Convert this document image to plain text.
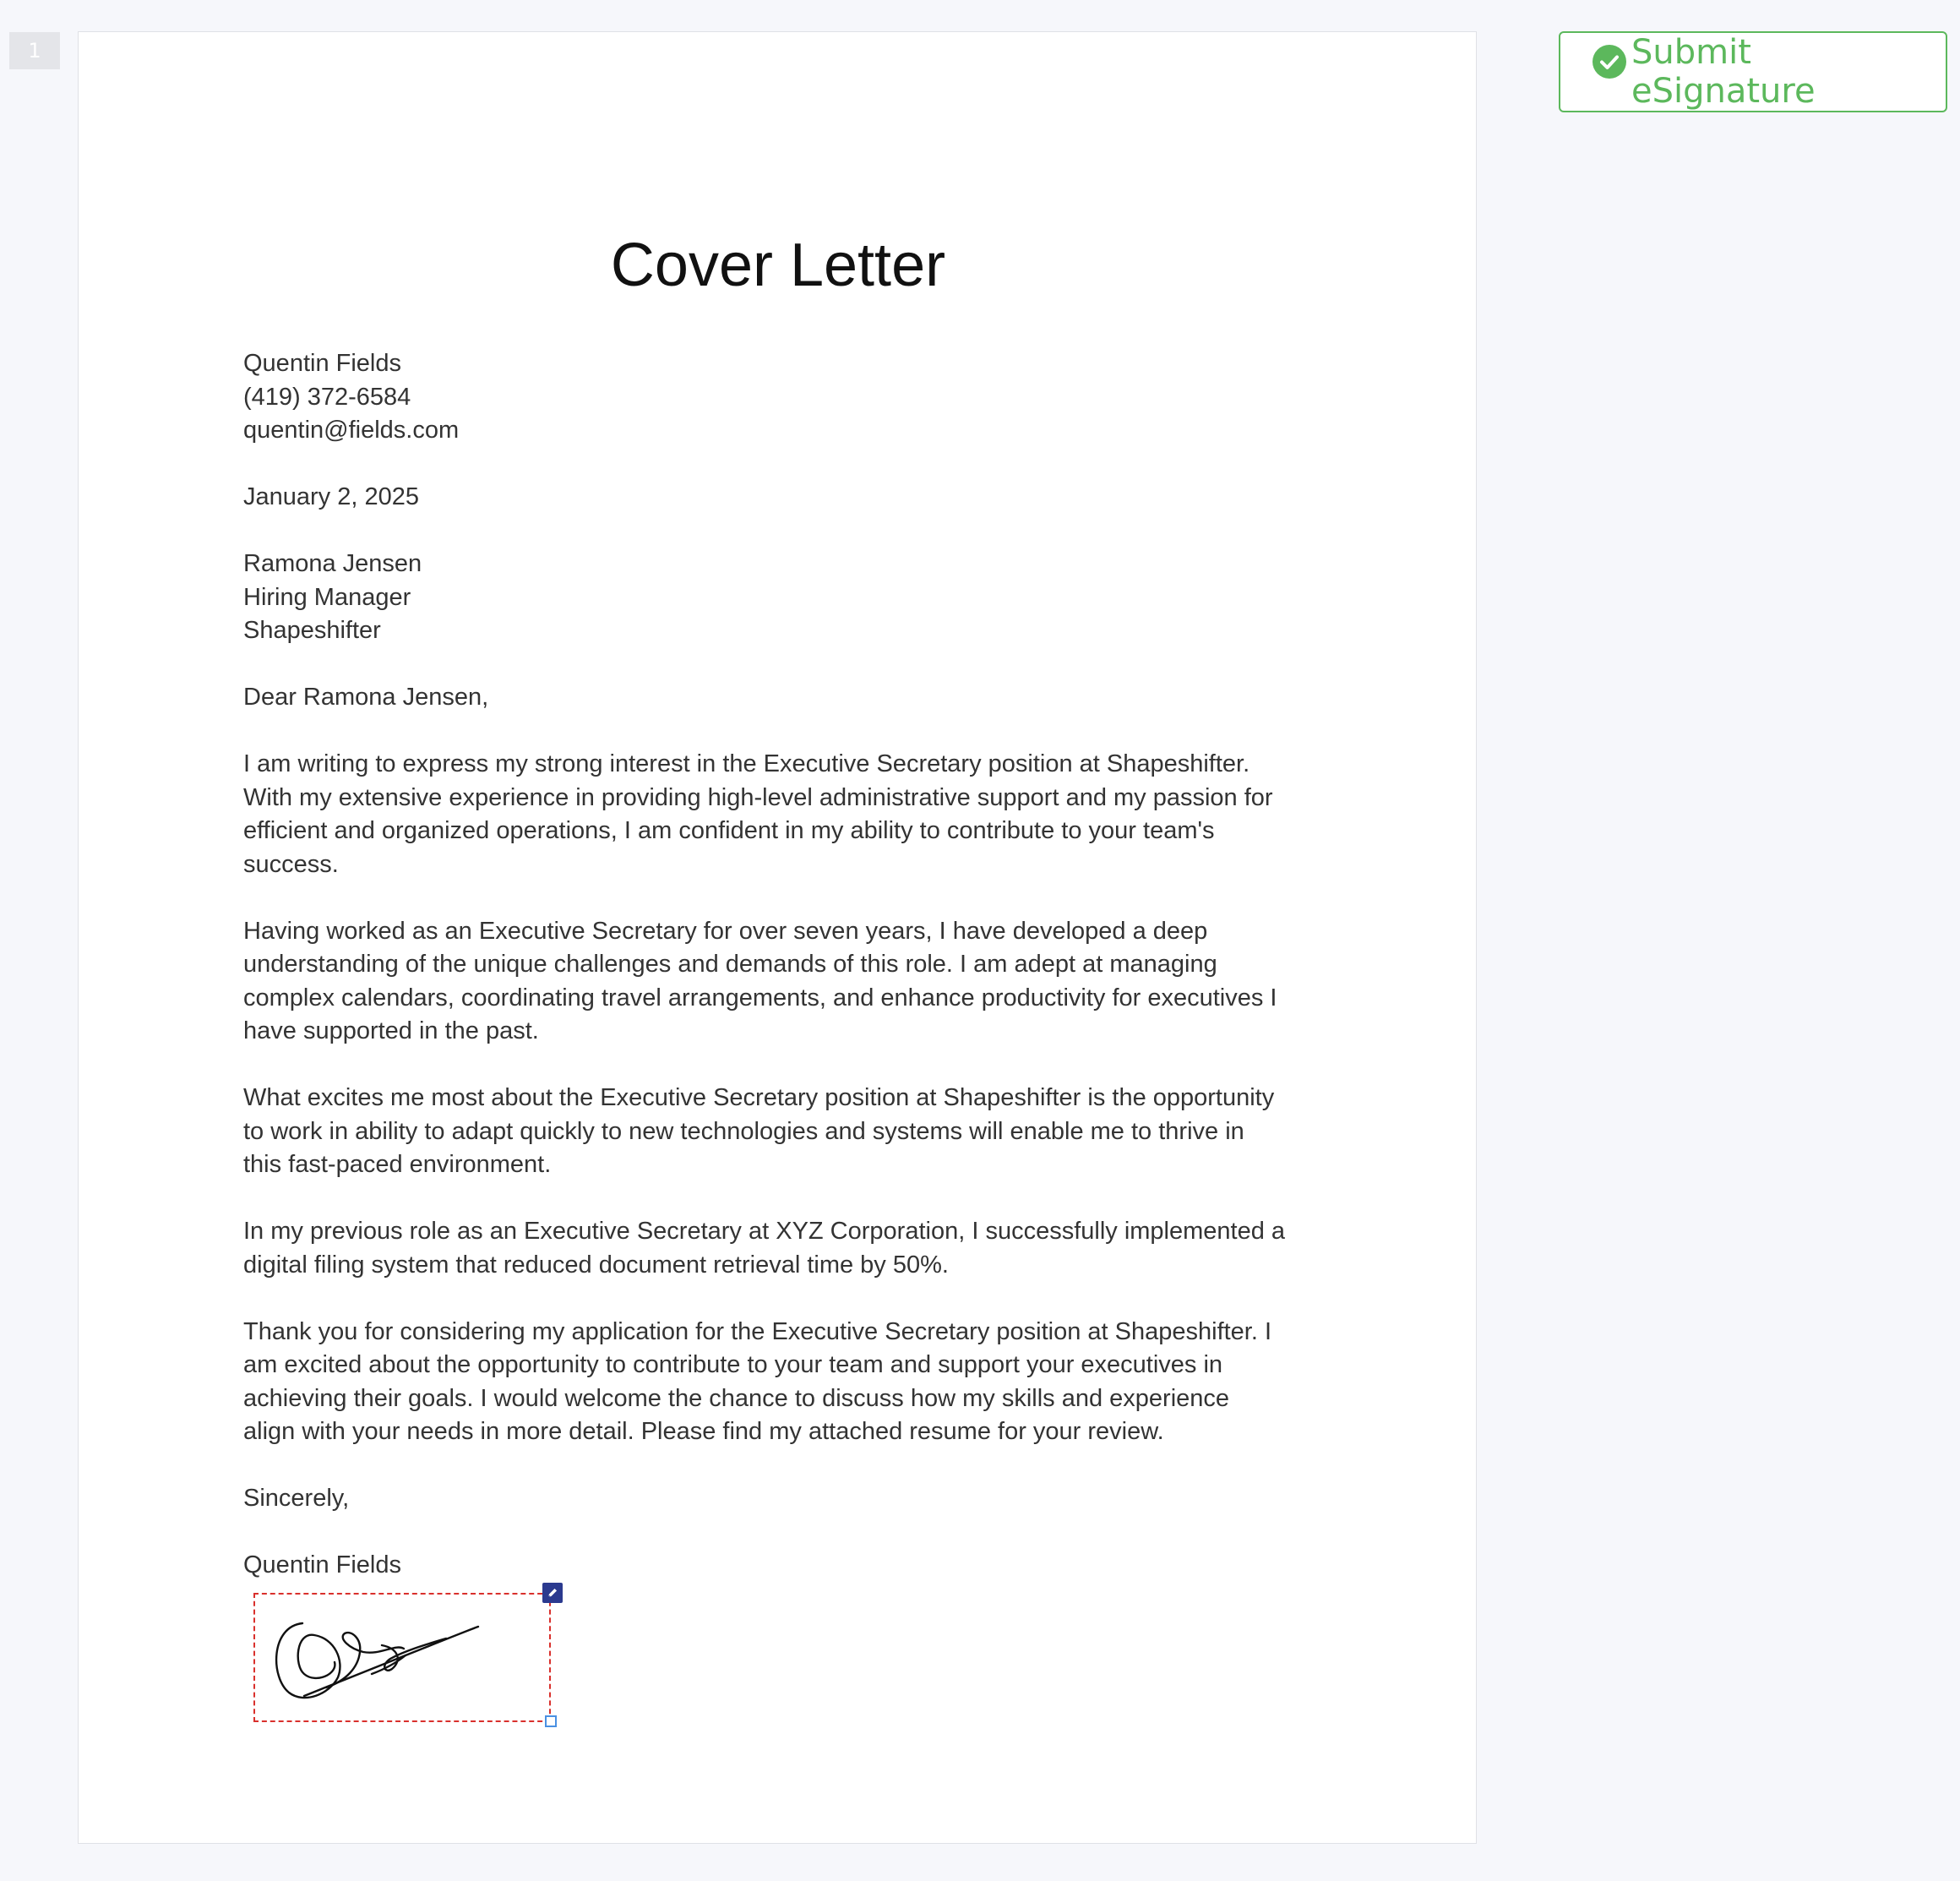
1
Cover Letter
Quentin Fields
(419) 372-6584
quentin@fields.com
January 2, 2025
Ramona Jensen
Hiring Manager
Shapeshifter
Dear Ramona Jensen,

I am writing to express my strong interest in the Executive Secretary position at Shapeshifter.
With my extensive experience in providing high-level administrative support and my passion for
efficient and organized operations, I am confident in my ability to contribute to your team's
success.

Having worked as an Executive Secretary for over seven years, I have developed a deep
understanding of the unique challenges and demands of this role. I am adept at managing
complex calendars, coordinating travel arrangements, and enhance productivity for executives I
have supported in the past.

What excites me most about the Executive Secretary position at Shapeshifter is the opportunity
to work in ability to adapt quickly to new technologies and systems will enable me to thrive in
this fast-paced environment.

In my previous role as an Executive Secretary at XYZ Corporation, I successfully implemented a
digital filing system that reduced document retrieval time by 50%.

Thank you for considering my application for the Executive Secretary position at Shapeshifter. I
am excited about the opportunity to contribute to your team and support your executives in
achieving their goals. I would welcome the chance to discuss how my skills and experience
align with your needs in more detail. Please find my attached resume for your review.

Sincerely,
Quentin Fields
Submit eSignature
